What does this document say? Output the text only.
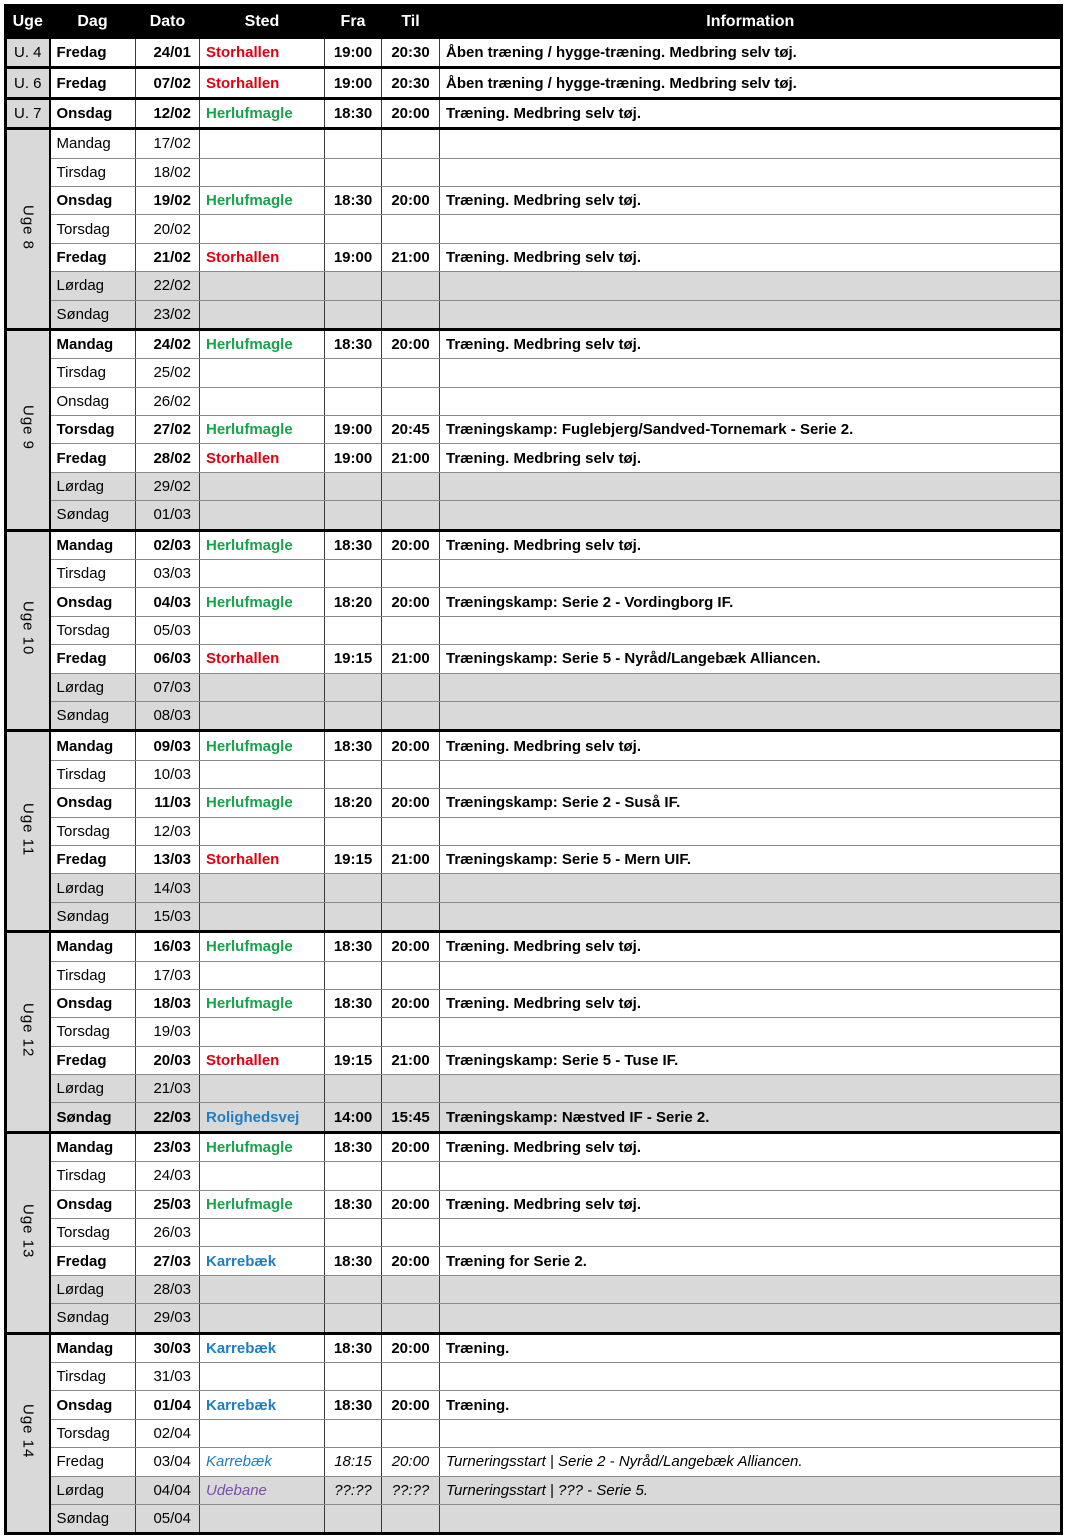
Uge	Dag	Dato	Sted	Fra	Til	Information
U. 4	Fredag	24/01	Storhallen	19:00	20:30	Åben træning / hygge-træning. Medbring selv tøj.
U. 6	Fredag	07/02	Storhallen	19:00	20:30	Åben træning / hygge-træning. Medbring selv tøj.
U. 7	Onsdag	12/02	Herlufmagle	18:30	20:00	Træning. Medbring selv tøj.
Uge 8	Mandag	17/02				
	Tirsdag	18/02				
	Onsdag	19/02	Herlufmagle	18:30	20:00	Træning. Medbring selv tøj.
	Torsdag	20/02				
	Fredag	21/02	Storhallen	19:00	21:00	Træning. Medbring selv tøj.
	Lørdag	22/02				
	Søndag	23/02				
Uge 9	Mandag	24/02	Herlufmagle	18:30	20:00	Træning. Medbring selv tøj.
	Tirsdag	25/02				
	Onsdag	26/02				
	Torsdag	27/02	Herlufmagle	19:00	20:45	Træningskamp: Fuglebjerg/Sandved-Tornemark - Serie 2.
	Fredag	28/02	Storhallen	19:00	21:00	Træning. Medbring selv tøj.
	Lørdag	29/02				
	Søndag	01/03				
Uge 10	Mandag	02/03	Herlufmagle	18:30	20:00	Træning. Medbring selv tøj.
	Tirsdag	03/03				
	Onsdag	04/03	Herlufmagle	18:20	20:00	Træningskamp: Serie 2 - Vordingborg IF.
	Torsdag	05/03				
	Fredag	06/03	Storhallen	19:15	21:00	Træningskamp: Serie 5 - Nyråd/Langebæk Alliancen.
	Lørdag	07/03				
	Søndag	08/03				
Uge 11	Mandag	09/03	Herlufmagle	18:30	20:00	Træning. Medbring selv tøj.
	Tirsdag	10/03				
	Onsdag	11/03	Herlufmagle	18:20	20:00	Træningskamp: Serie 2 - Suså IF.
	Torsdag	12/03				
	Fredag	13/03	Storhallen	19:15	21:00	Træningskamp: Serie 5 - Mern UIF.
	Lørdag	14/03				
	Søndag	15/03				
Uge 12	Mandag	16/03	Herlufmagle	18:30	20:00	Træning. Medbring selv tøj.
	Tirsdag	17/03				
	Onsdag	18/03	Herlufmagle	18:30	20:00	Træning. Medbring selv tøj.
	Torsdag	19/03				
	Fredag	20/03	Storhallen	19:15	21:00	Træningskamp: Serie 5 - Tuse IF.
	Lørdag	21/03				
	Søndag	22/03	Rolighedsvej	14:00	15:45	Træningskamp: Næstved IF - Serie 2.
Uge 13	Mandag	23/03	Herlufmagle	18:30	20:00	Træning. Medbring selv tøj.
	Tirsdag	24/03				
	Onsdag	25/03	Herlufmagle	18:30	20:00	Træning. Medbring selv tøj.
	Torsdag	26/03				
	Fredag	27/03	Karrebæk	18:30	20:00	Træning for Serie 2.
	Lørdag	28/03				
	Søndag	29/03				
Uge 14	Mandag	30/03	Karrebæk	18:30	20:00	Træning.
	Tirsdag	31/03				
	Onsdag	01/04	Karrebæk	18:30	20:00	Træning.
	Torsdag	02/04				
	Fredag	03/04	Karrebæk	18:15	20:00	Turneringsstart | Serie 2 - Nyråd/Langebæk Alliancen.
	Lørdag	04/04	Udebane	??:??	??:??	Turneringsstart | ??? - Serie 5.
	Søndag	05/04				
